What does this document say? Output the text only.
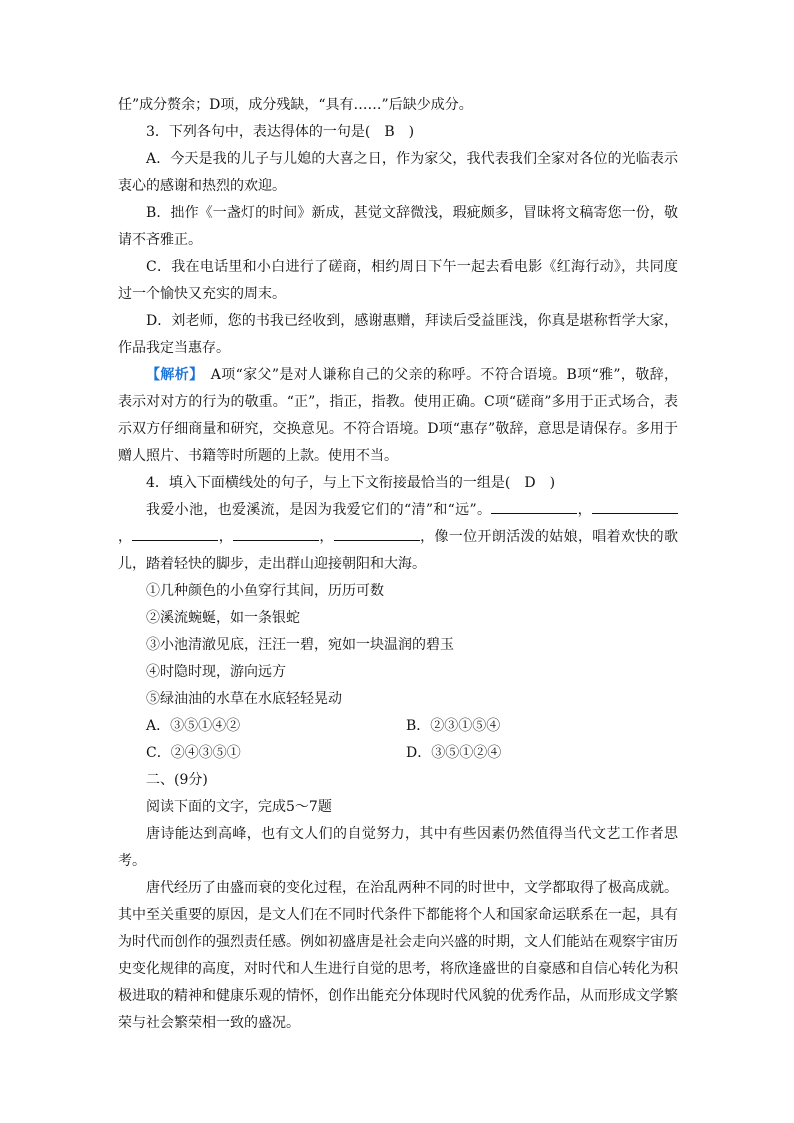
任”成分赘余；D项，成分残缺，“具有……”后缺少成分。

3．下列各句中，表达得体的一句是(　B　)

A．今天是我的儿子与儿媳的大喜之日，作为家父，我代表我们全家对各位的光临表示衷心的感谢和热烈的欢迎。

B．拙作《一盏灯的时间》新成，甚觉文辞微浅，瑕疵颇多，冒昧将文稿寄您一份，敬请不吝雅正。

C．我在电话里和小白进行了磋商，相约周日下午一起去看电影《红海行动》，共同度过一个愉快又充实的周末。

D．刘老师，您的书我已经收到，感谢惠赠，拜读后受益匪浅，你真是堪称哲学大家，作品我定当惠存。

【解析】　A项“家父”是对人谦称自己的父亲的称呼。不符合语境。B项“雅”，敬辞，表示对对方的行为的敬重。“正”，指正，指教。使用正确。C项“磋商”多用于正式场合，表示双方仔细商量和研究，交换意见。不符合语境。D项“惠存”敬辞，意思是请保存。多用于赠人照片、书籍等时所题的上款。使用不当。

4．填入下面横线处的句子，与上下文衔接最恰当的一组是(　D　)

我爱小池，也爱溪流，是因为我爱它们的“清”和“远”。	，，	，	，	，像一位开朗活泼的姑娘，唱着欢快的歌儿，踏着轻快的脚步，走出群山迎接朝阳和大海。

①几种颜色的小鱼穿行其间，历历可数

②溪流蜿蜒，如一条银蛇

③小池清澈见底，汪汪一碧，宛如一块温润的碧玉

④时隐时现，游向远方

⑤绿油油的水草在水底轻轻晃动

A．③⑤①④②	B．②③①⑤④
C．②④③⑤①	D．③⑤①②④

二、(9分)

阅读下面的文字，完成5～7题

唐诗能达到高峰，也有文人们的自觉努力，其中有些因素仍然值得当代文艺工作者思考。

唐代经历了由盛而衰的变化过程，在治乱两种不同的时世中，文学都取得了极高成就。其中至关重要的原因，是文人们在不同时代条件下都能将个人和国家命运联系在一起，具有为时代而创作的强烈责任感。例如初盛唐是社会走向兴盛的时期，文人们能站在观察宇宙历史变化规律的高度，对时代和人生进行自觉的思考，将欣逢盛世的自豪感和自信心转化为积极进取的精神和健康乐观的情怀，创作出能充分体现时代风貌的优秀作品，从而形成文学繁荣与社会繁荣相一致的盛况。
